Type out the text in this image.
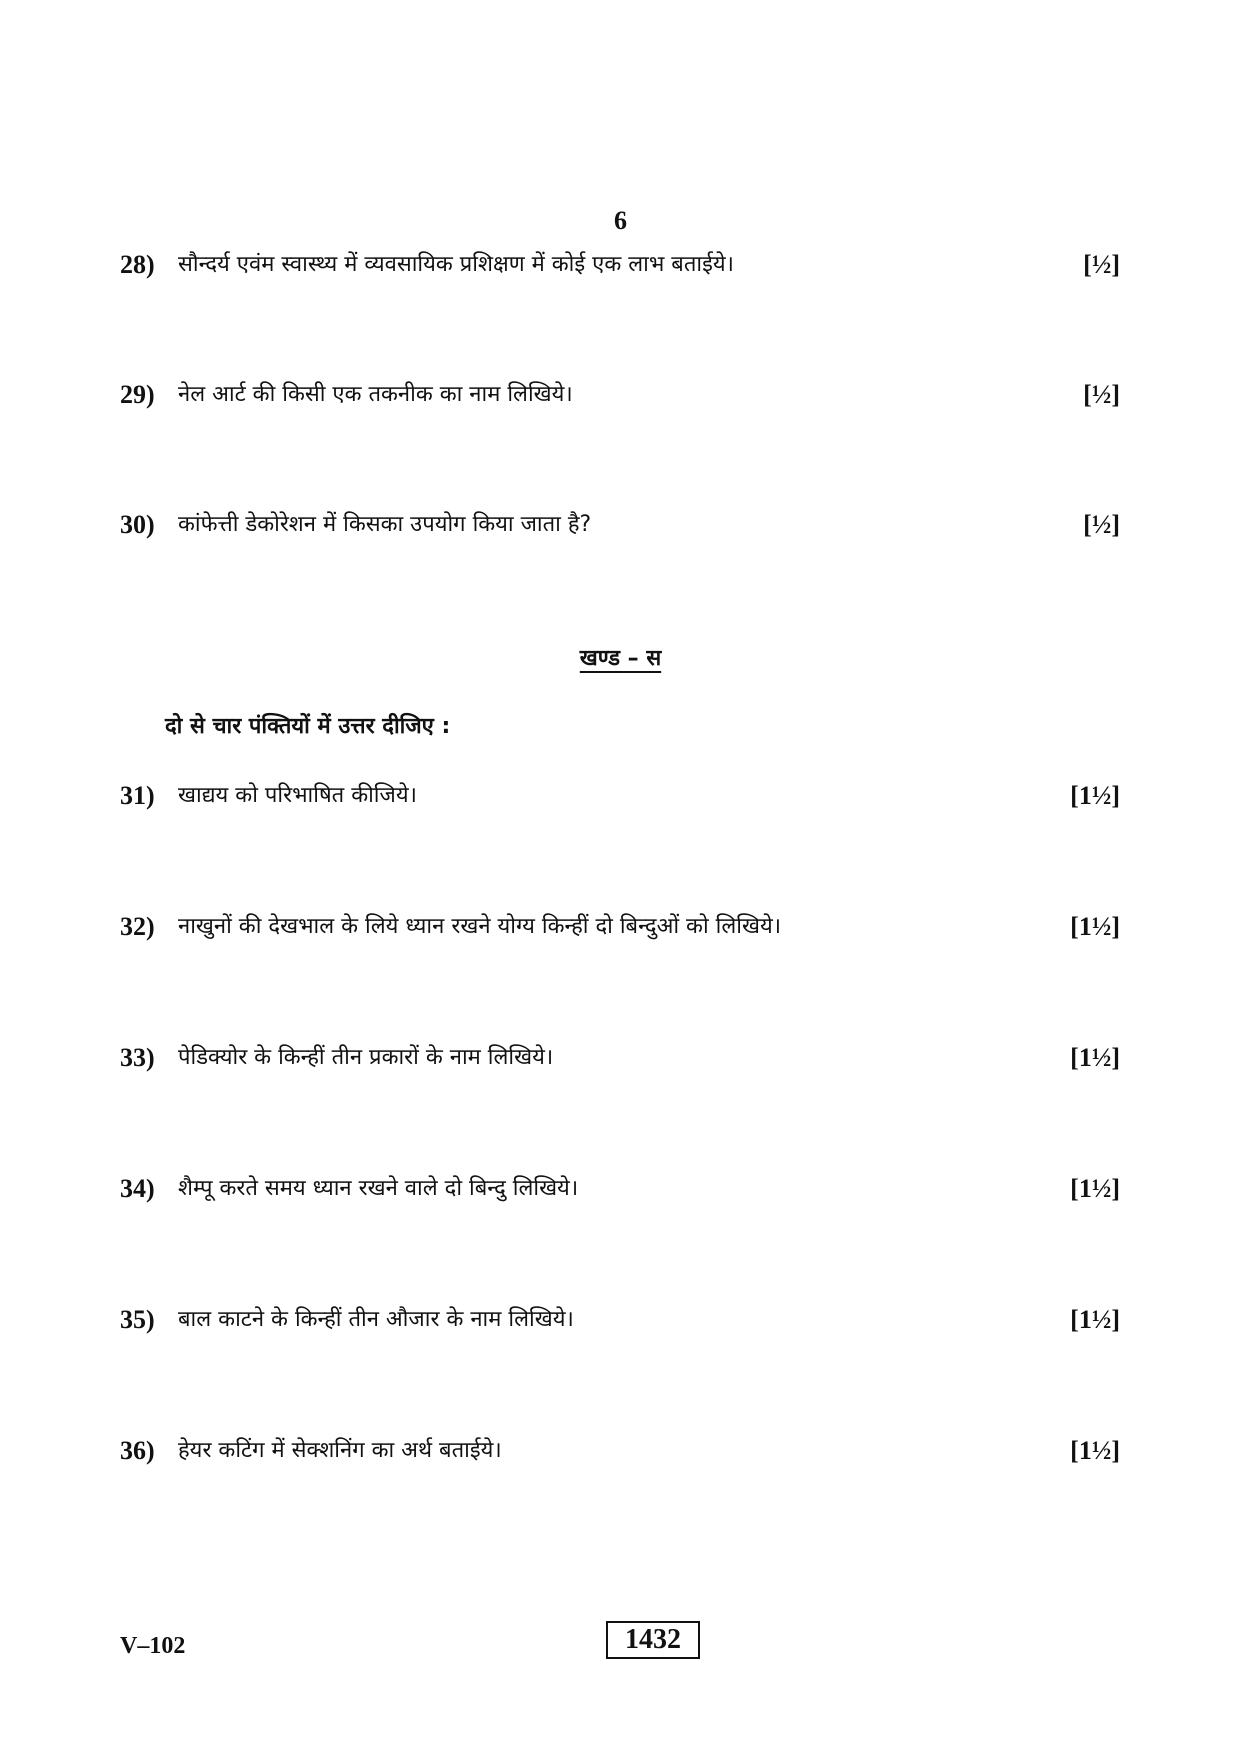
6
28) सौन्दर्य एवंम स्वास्थ्य में व्यवसायिक प्रशिक्षण में कोई एक लाभ बताईये।	[½]
29) नेल आर्ट की किसी एक तकनीक का नाम लिखिये।	[½]
30) कांफेत्ती डेकोरेशन में किसका उपयोग किया जाता है?	[½]
खण्ड – स
दो से चार पंक्तियों में उत्तर दीजिए :
31) खाद्यय को परिभाषित कीजिये।	[1½]
32) नाखुनों की देखभाल के लिये ध्यान रखने योग्य किन्हीं दो बिन्दुओं को लिखिये।	[1½]
33) पेडिक्योर के किन्हीं तीन प्रकारों के नाम लिखिये।	[1½]
34) शैम्पू करते समय ध्यान रखने वाले दो बिन्दु लिखिये।	[1½]
35) बाल काटने के किन्हीं तीन औजार के नाम लिखिये।	[1½]
36) हेयर कटिंग में सेक्शनिंग का अर्थ बताईये।	[1½]
V–102	1432
